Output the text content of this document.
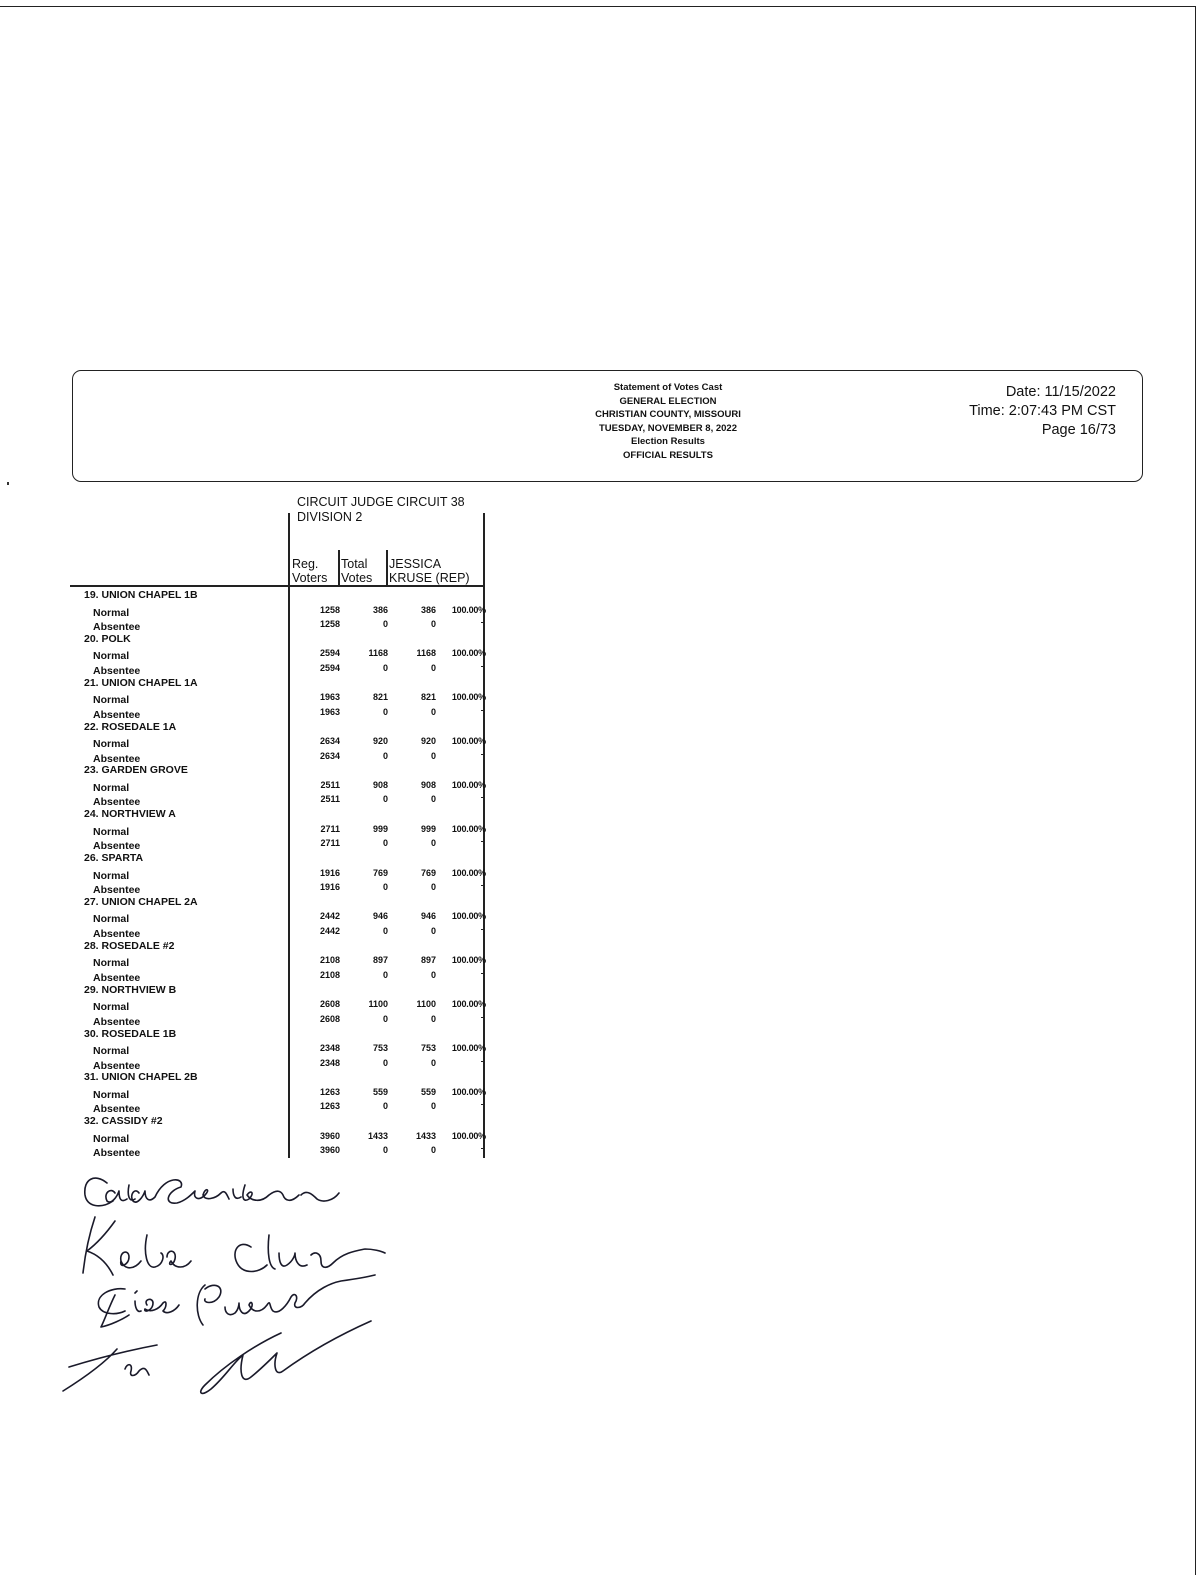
Statement of Votes Cast
GENERAL ELECTION
CHRISTIAN COUNTY, MISSOURI
TUESDAY, NOVEMBER 8, 2022
Election Results
OFFICIAL RESULTS
Date: 11/15/2022
Time: 2:07:43 PM CST
Page 16/73
CIRCUIT JUDGE CIRCUIT 38
DIVISION 2
Reg.
Voters
Total
Votes
JESSICA
KRUSE (REP)
19. UNION CHAPEL 1B
Normal	1258	386	386	100.00%
Absentee	1258	0	0
20. POLK
Normal	2594	1168	1168	100.00%
Absentee	2594	0	0
21. UNION CHAPEL 1A
Normal	1963	821	821	100.00%
Absentee	1963	0	0
22. ROSEDALE 1A
Normal	2634	920	920	100.00%
Absentee	2634	0	0
23. GARDEN GROVE
Normal	2511	908	908	100.00%
Absentee	2511	0	0
24. NORTHVIEW A
Normal	2711	999	999	100.00%
Absentee	2711	0	0
26. SPARTA
Normal	1916	769	769	100.00%
Absentee	1916	0	0
27. UNION CHAPEL 2A
Normal	2442	946	946	100.00%
Absentee	2442	0	0
28. ROSEDALE #2
Normal	2108	897	897	100.00%
Absentee	2108	0	0
29. NORTHVIEW B
Normal	2608	1100	1100	100.00%
Absentee	2608	0	0
30. ROSEDALE 1B
Normal	2348	753	753	100.00%
Absentee	2348	0	0
31. UNION CHAPEL 2B
Normal	1263	559	559	100.00%
Absentee	1263	0	0
32. CASSIDY #2
Normal	3960	1433	1433	100.00%
Absentee	3960	0	0
